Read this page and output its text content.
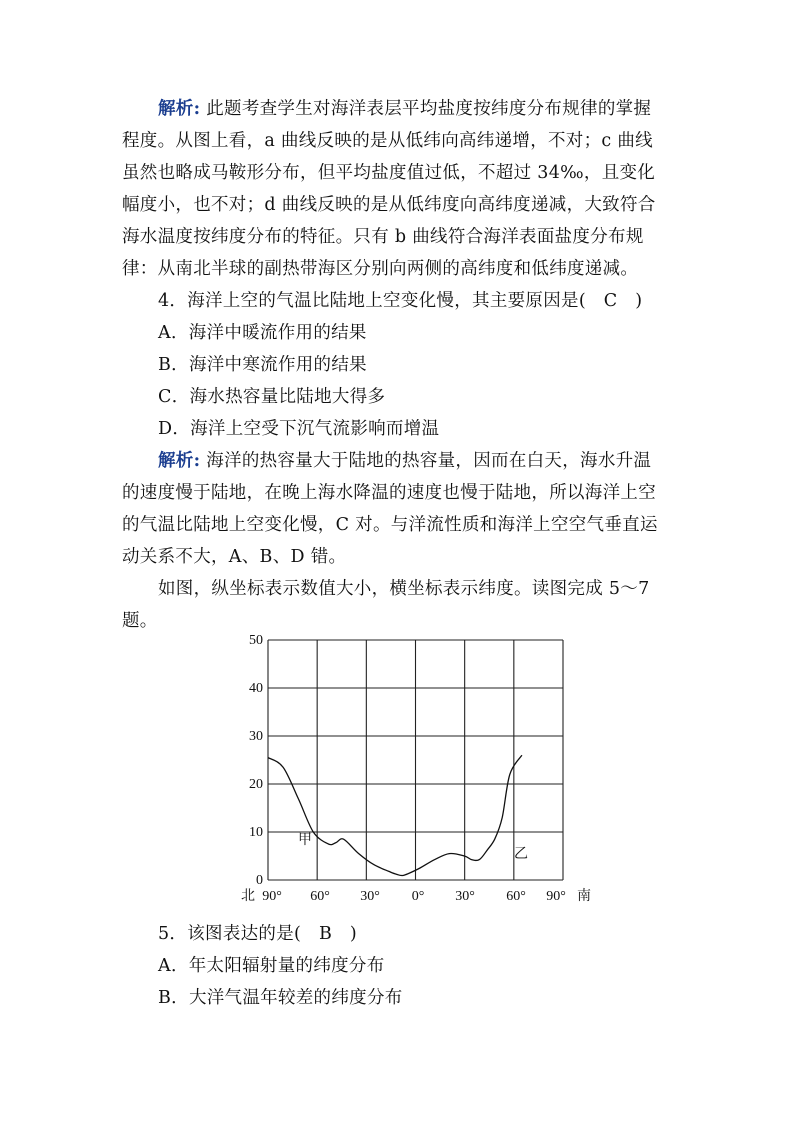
解析: 此题考查学生对海洋表层平均盐度按纬度分布规律的掌握
程度。从图上看，a 曲线反映的是从低纬向高纬递增，不对；c 曲线
虽然也略成马鞍形分布，但平均盐度值过低，不超过 34‰，且变化
幅度小，也不对；d 曲线反映的是从低纬度向高纬度递减，大致符合
海水温度按纬度分布的特征。只有 b 曲线符合海洋表面盐度分布规
律：从南北半球的副热带海区分别向两侧的高纬度和低纬度递减。
4．海洋上空的气温比陆地上空变化慢，其主要原因是(　C　)
A．海洋中暖流作用的结果
B．海洋中寒流作用的结果
C．海水热容量比陆地大得多
D．海洋上空受下沉气流影响而增温
解析: 海洋的热容量大于陆地的热容量，因而在白天，海水升温
的速度慢于陆地，在晚上海水降温的速度也慢于陆地，所以海洋上空
的气温比陆地上空变化慢，C 对。与洋流性质和海洋上空空气垂直运
动关系不大，A、B、D 错。
如图，纵坐标表示数值大小，横坐标表示纬度。读图完成 5～7
题。
0
10
20
30
40
50
北 90° 60° 30° 0° 30° 60° 90° 南
甲
乙
5．该图表达的是(　B　)
A．年太阳辐射量的纬度分布
B．大洋气温年较差的纬度分布
